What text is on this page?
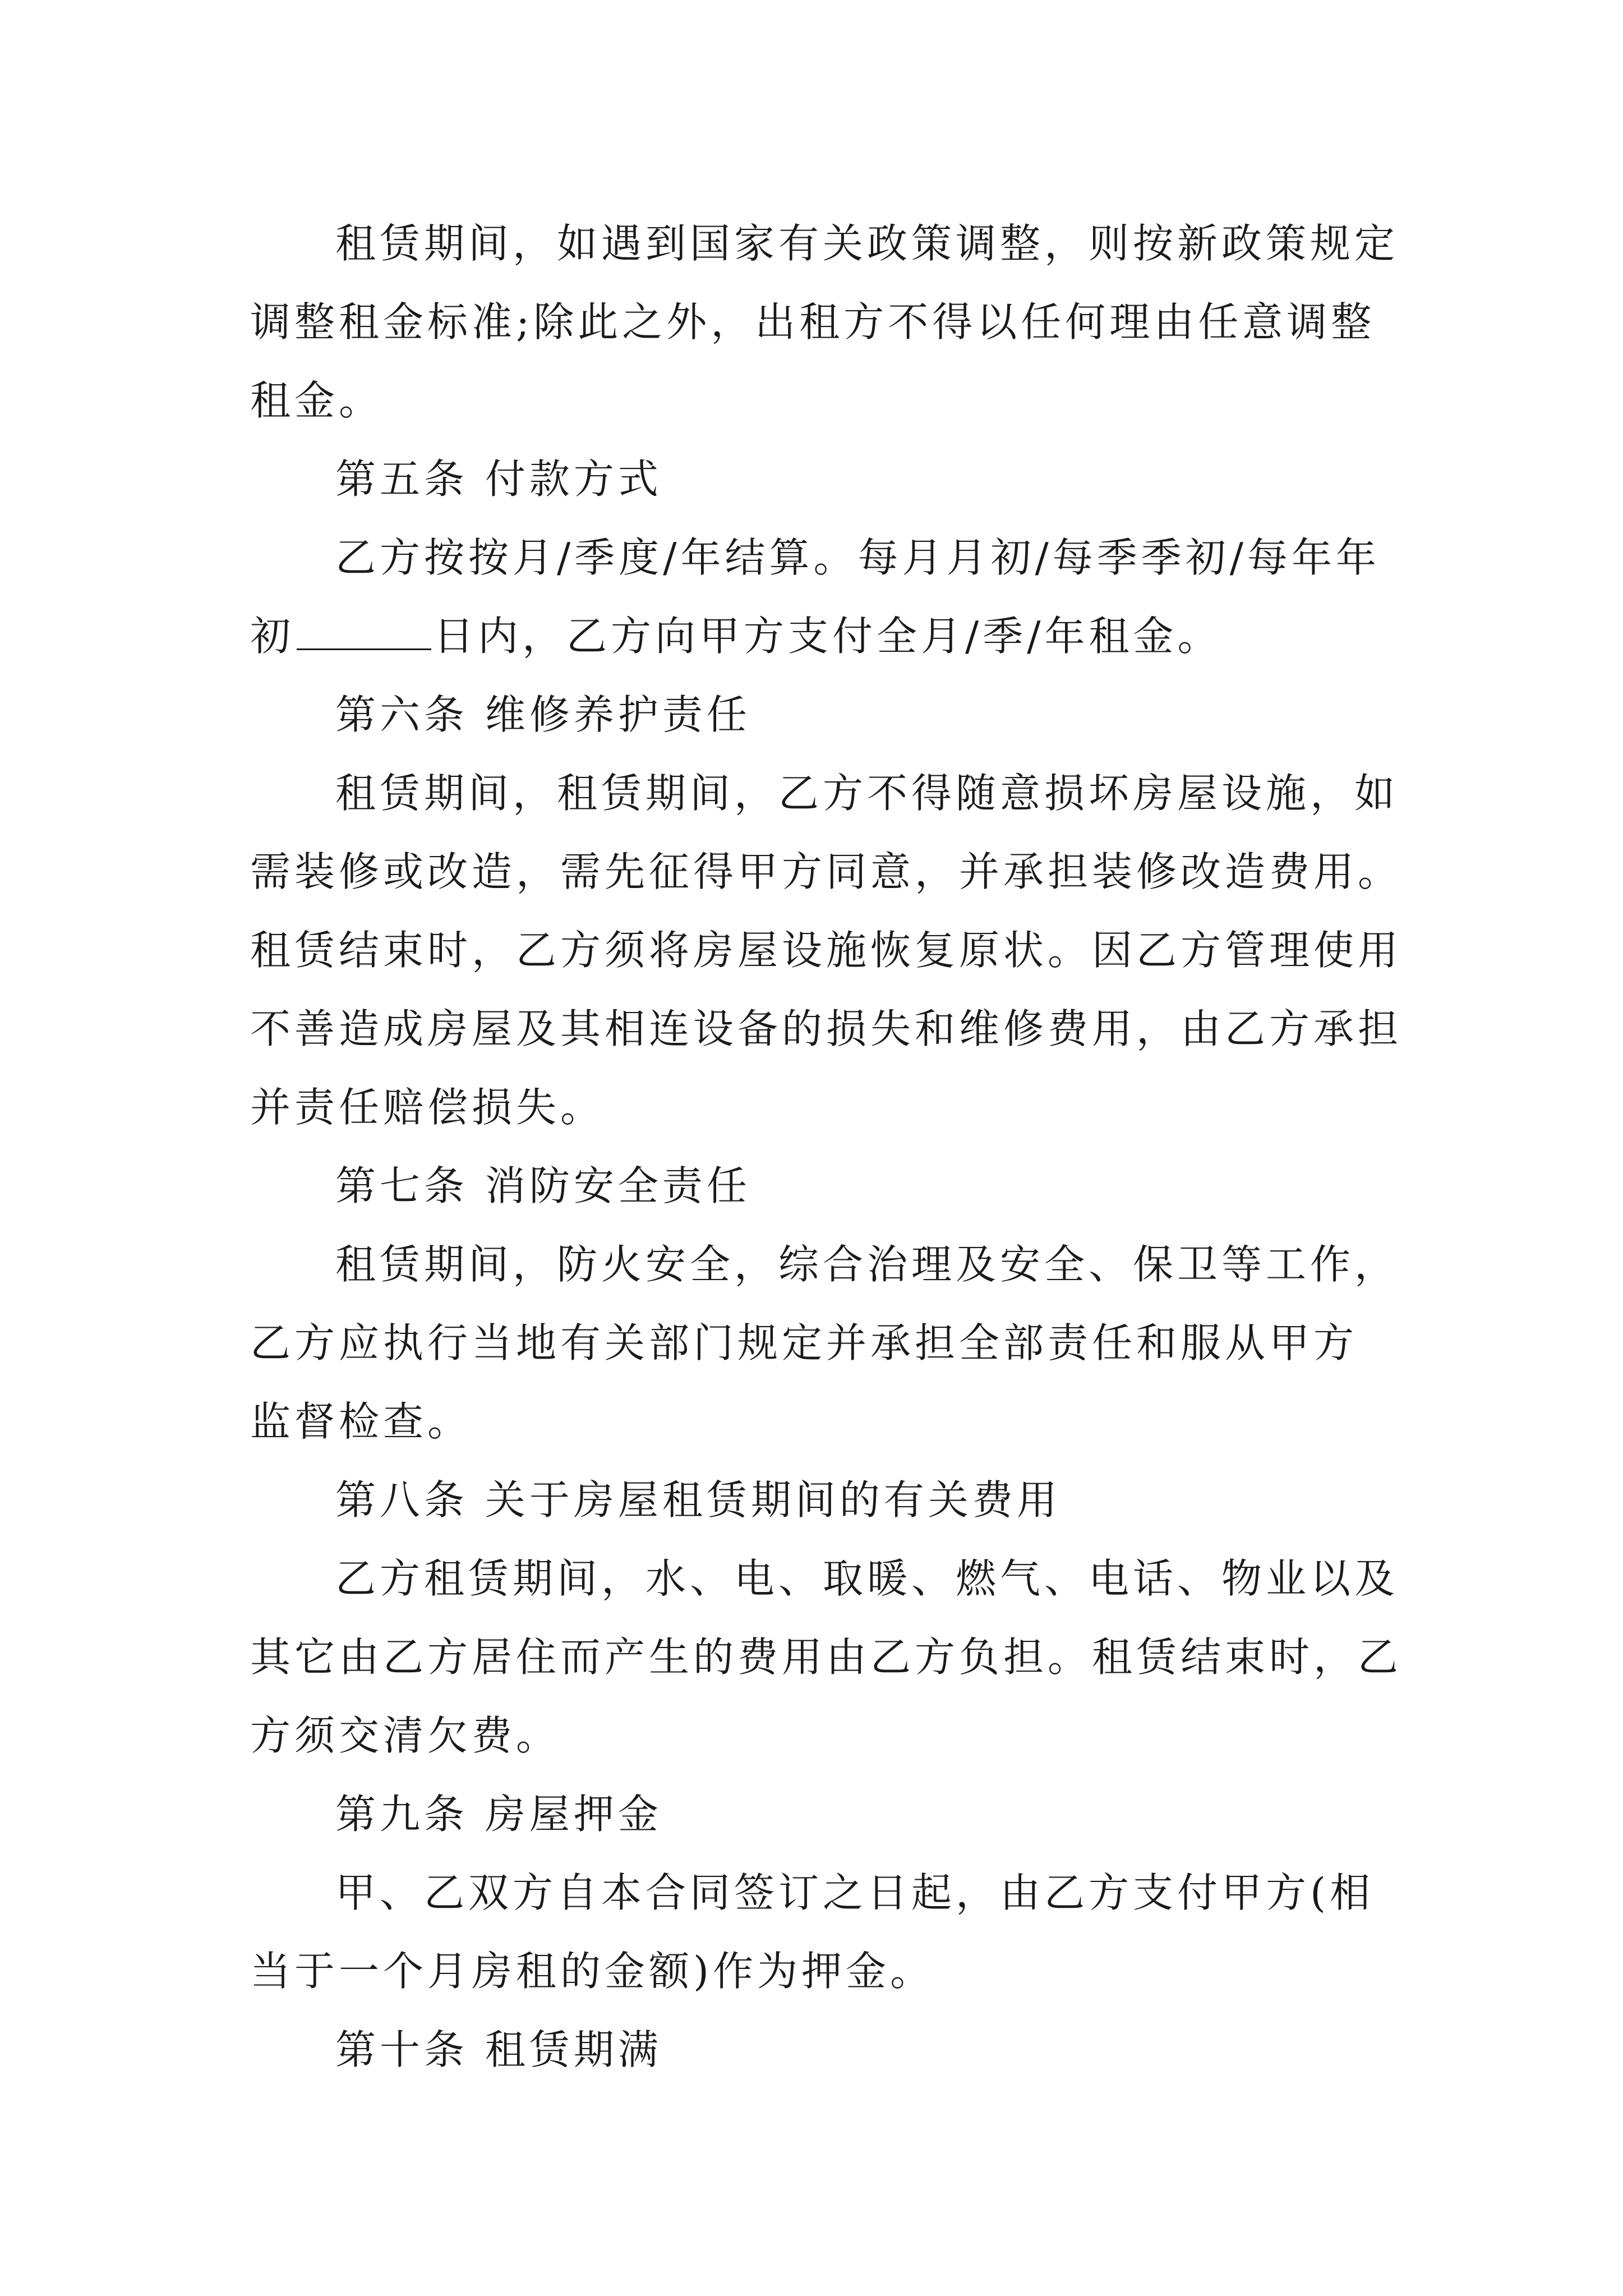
租赁期间，如遇到国家有关政策调整，则按新政策规定
调整租金标准;除此之外，出租方不得以任何理由任意调整
租金。
第五条 付款方式
乙方按按月/季度/年结算。每月月初/每季季初/每年年
初	日内，乙方向甲方支付全月/季/年租金。
第六条 维修养护责任
租赁期间，租赁期间，乙方不得随意损坏房屋设施，如
需装修或改造，需先征得甲方同意，并承担装修改造费用。
租赁结束时，乙方须将房屋设施恢复原状。因乙方管理使用
不善造成房屋及其相连设备的损失和维修费用，由乙方承担
并责任赔偿损失。
第七条 消防安全责任
租赁期间，防火安全，综合治理及安全、保卫等工作，
乙方应执行当地有关部门规定并承担全部责任和服从甲方
监督检查。
第八条 关于房屋租赁期间的有关费用
乙方租赁期间，水、电、取暖、燃气、电话、物业以及
其它由乙方居住而产生的费用由乙方负担。租赁结束时，乙
方须交清欠费。
第九条 房屋押金
甲、乙双方自本合同签订之日起，由乙方支付甲方(相
当于一个月房租的金额)作为押金。
第十条 租赁期满
